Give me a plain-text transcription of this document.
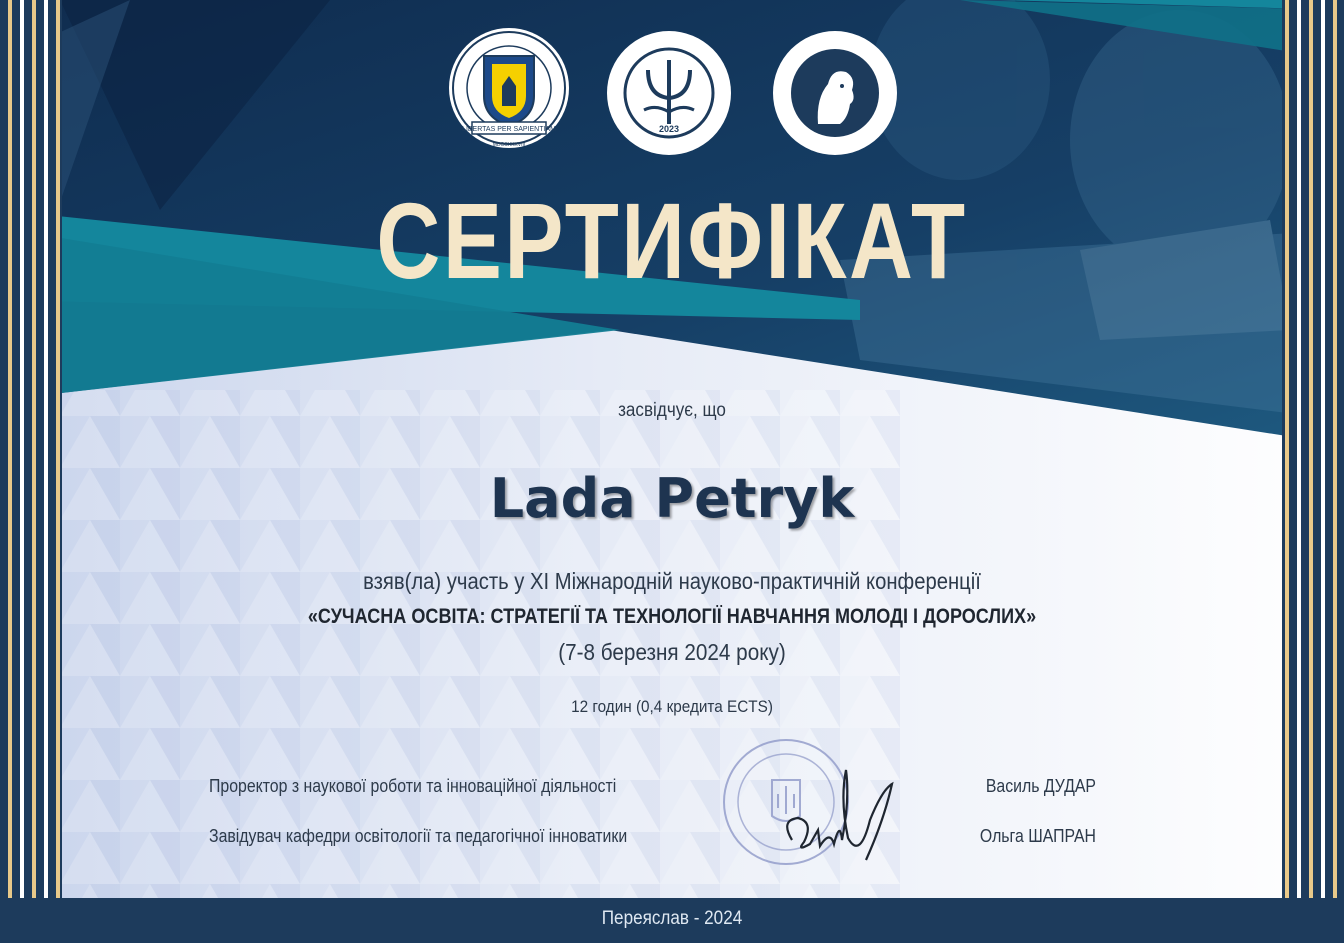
LIBERTAS PER SAPIENTIAM
MDCCXXXVIII
2023
СЕРТИФІКАТ
засвідчує, що
Lada Petryk
взяв(ла) участь у ХІ Міжнародній науково-практичній конференції
«СУЧАСНА ОСВІТА: СТРАТЕГІЇ ТА ТЕХНОЛОГІЇ НАВЧАННЯ МОЛОДІ І ДОРОСЛИХ»
(7-8 березня 2024 року)
12 годин (0,4 кредита ECTS)
Проректор з наукової роботи та інноваційної діяльності	Василь ДУДАР
Завідувач кафедри освітології та педагогічної інноватики	Ольга ШАПРАН
Переяслав - 2024
